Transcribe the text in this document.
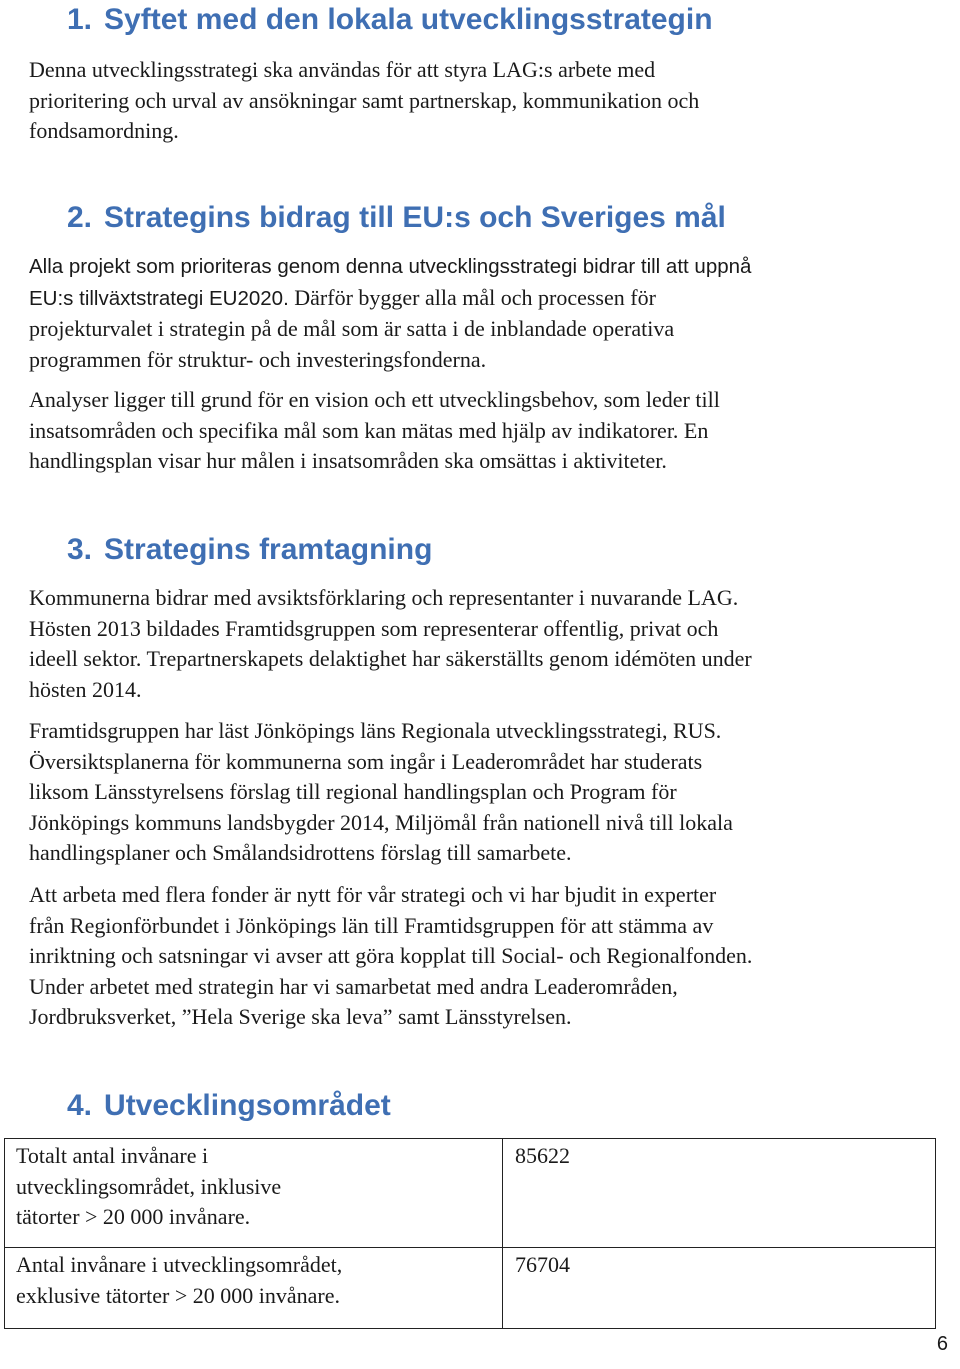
1. Syftet med den lokala utvecklingsstrategin

Denna utvecklingsstrategi ska användas för att styra LAG:s arbete med
prioritering och urval av ansökningar samt partnerskap, kommunikation och
fondsamordning.

2. Strategins bidrag till EU:s och Sveriges mål

Alla projekt som prioriteras genom denna utvecklingsstrategi bidrar till att uppnå
EU:s tillväxtstrategi EU2020. Därför bygger alla mål och processen för
projekturvalet i strategin på de mål som är satta i de inblandade operativa
programmen för struktur- och investeringsfonderna.

Analyser ligger till grund för en vision och ett utvecklingsbehov, som leder till
insatsområden och specifika mål som kan mätas med hjälp av indikatorer. En
handlingsplan visar hur målen i insatsområden ska omsättas i aktiviteter.

3. Strategins framtagning

Kommunerna bidrar med avsiktsförklaring och representanter i nuvarande LAG.
Hösten 2013 bildades Framtidsgruppen som representerar offentlig, privat och
ideell sektor. Trepartnerskapets delaktighet har säkerställts genom idémöten under
hösten 2014.

Framtidsgruppen har läst Jönköpings läns Regionala utvecklingsstrategi, RUS.
Översiktsplanerna för kommunerna som ingår i Leaderområdet har studerats
liksom Länsstyrelsens förslag till regional handlingsplan och Program för
Jönköpings kommuns landsbygder 2014, Miljömål från nationell nivå till lokala
handlingsplaner och Smålandsidrottens förslag till samarbete.

Att arbeta med flera fonder är nytt för vår strategi och vi har bjudit in experter
från Regionförbundet i Jönköpings län till Framtidsgruppen för att stämma av
inriktning och satsningar vi avser att göra kopplat till Social- och Regionalfonden.
Under arbetet med strategin har vi samarbetat med andra Leaderområden,
Jordbruksverket, ”Hela Sverige ska leva” samt Länsstyrelsen.

4. Utvecklingsområdet
Totalt antal invånare i
utvecklingsområdet, inklusive
tätorter > 20 000 invånare.	85622

Antal invånare i utvecklingsområdet,
exklusive tätorter > 20 000 invånare.	76704
6
